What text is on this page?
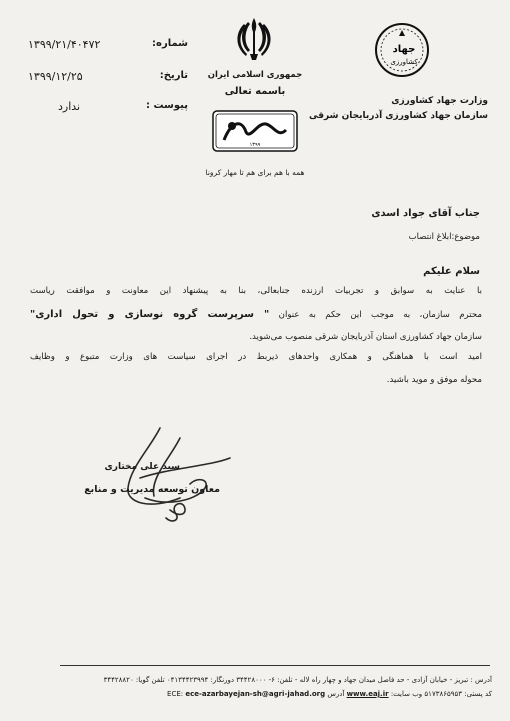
شماره:
۱۳۹۹/۲۱/۴۰۴۷۲
تاریخ:
۱۳۹۹/۱۲/۲۵
پیوست :
ندارد
جمهوری اسلامی ایران
باسمه تعالی
۱۳۹۹
همه با هم برای هم تا مهار کرونا
جهاد
کشاورزی
وزارت جهاد کشاورزی
سازمان جهاد کشاورزی آذربایجان شرقی
جناب آقای جواد اسدی
موضوع:ابلاغ انتصاب
سلام علیکم
با عنایت به سوابق و تجربیات ارزنده جنابعالی، بنا به پیشنهاد این معاونت و موافقت ریاست
محترم سازمان، به موجب این حکم به عنوان " سرپرست گروه نوسازی و تحول اداری"
سازمان جهاد کشاورزی استان آذربایجان شرقی منصوب می‌شوید.
امید است با هماهنگی و همکاری واحدهای ذیربط در اجرای سیاست های وزارت متبوع و وظایف
محوله موفق و موید باشید.
سید علی مختاری
معاون توسعه مدیریت و منابع
آدرس : تبریز - خیابان آزادی - حد فاصل میدان جهاد و چهار راه لاله - تلفن: ۶- ۳۴۴۲۸۰۰۰ دورنگار: ۰۴۱۳۴۴۲۳۹۹۴ تلفن گویا: ۳۴۴۲۸۸۲۰
کد پستی: ۵۱۷۳۸۶۵۹۵۳ وب سایت: www.eaj.ir آدرس ECE: ece-azarbayejan-sh@agri-jahad.org
